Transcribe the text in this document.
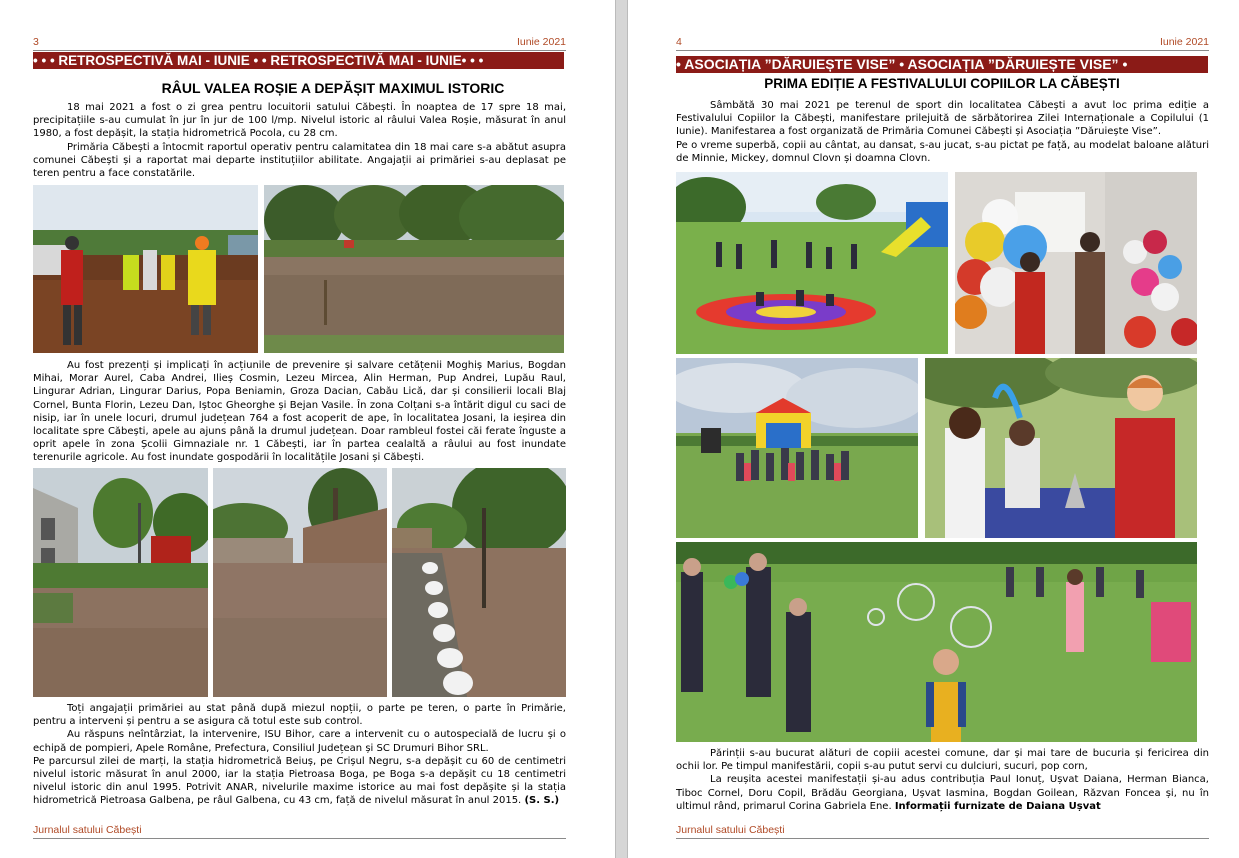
3	Iunie 2021
• • • RETROSPECTIVĂ MAI - IUNIE • • RETROSPECTIVĂ MAI - IUNIE• • •
RÂUL VALEA ROȘIE A DEPĂȘIT MAXIMUL ISTORIC

18 mai 2021 a fost o zi grea pentru locuitorii satului Căbești. În noaptea de 17 spre 18 mai, precipitațiile s-au cumulat în jur în jur de 100 l/mp. Nivelul istoric al râului Valea Roșie, măsurat în anul 1980, a fost depășit, la stația hidrometrică Pocola, cu 28 cm.

Primăria Căbești a întocmit raportul operativ pentru calamitatea din 18 mai care s-a abătut asupra comunei Căbești și a raportat mai departe instituțiilor abilitate. Angajații ai primăriei s-au deplasat pe teren pentru a face constatările.

Au fost prezenți și implicați în acțiunile de prevenire și salvare cetățenii Moghiș Marius, Bogdan Mihai, Morar Aurel, Caba Andrei, Ilieș Cosmin, Lezeu Mircea, Alin Herman, Pup Andrei, Lupău Raul, Lingurar Adrian, Lingurar Darius, Popa Beniamin, Groza Dacian, Cabău Lică, dar și consilierii locali Blaj Cornel, Bunta Florin, Lezeu Dan, Iștoc Gheorghe și Bejan Vasile. În zona Colțani s-a întărit digul cu saci de nisip, iar în unele locuri, drumul județean 764 a fost acoperit de ape, în localitatea Josani, la ieșirea din localitate spre Căbești, apele au ajuns până la drumul județean. Doar rambleul fostei căi ferate înguste a oprit apele în zona Școlii Gimnaziale nr. 1 Căbești, iar în partea cealaltă a râului au fost inundate terenurile agricole. Au fost inundate gospodării în localitățile Josani și Căbești.

Toți angajații primăriei au stat până după miezul nopții, o parte pe teren, o parte în Primărie, pentru a interveni și pentru a se asigura că totul este sub control.

Au răspuns neîntârziat, la intervenire, ISU Bihor, care a intervenit cu o autospecială de lucru și o echipă de pompieri, Apele Române, Prefectura, Consiliul Județean și SC Drumuri Bihor SRL.

Pe parcursul zilei de marți, la stația hidrometrică Beiuș, pe Crișul Negru, s-a depășit cu 60 de centimetri nivelul istoric măsurat în anul 2000, iar la stația Pietroasa Boga, pe Boga s-a depășit cu 18 centimetri nivelul istoric din anul 1995. Potrivit ANAR, nivelurile maxime istorice au mai fost depășite și la stația hidrometrică Pietroasa Galbena, pe râul Galbena, cu 43 cm, față de nivelul măsurat în anul 2015. (S. S.)

Jurnalul satului Căbești
4	Iunie 2021
• ASOCIAȚIA ”DĂRUIEȘTE VISE” • ASOCIAȚIA ”DĂRUIEȘTE VISE” •
PRIMA EDIȚIE A FESTIVALULUI COPIILOR LA CĂBEȘTI

Sâmbătă 30 mai 2021 pe terenul de sport din localitatea Căbești a avut loc prima ediție a Festivalului Copiilor la Căbești, manifestare prilejuită de sărbătorirea Zilei Internaționale a Copilului (1 Iunie). Manifestarea a fost organizată de Primăria Comunei Căbești și Asociația ”Dăruiește Vise”.

Pe o vreme superbă, copii au cântat, au dansat, s-au jucat, s-au pictat pe față, au modelat baloane alături de Minnie, Mickey, domnul Clovn și doamna Clovn.

Părinții s-au bucurat alături de copiii acestei comune, dar și mai tare de bucuria și fericirea din ochii lor. Pe timpul manifestării, copii s-au putut servi cu dulciuri, sucuri, pop corn,

La reușita acestei manifestații și-au adus contribuția Paul Ionuț, Ușvat Daiana, Herman Bianca, Tiboc Cornel, Doru Copil, Brădău Georgiana, Ușvat Iasmina, Bogdan Goilean, Răzvan Foncea și, nu în ultimul rând, primarul Corina Gabriela Ene. Informații furnizate de Daiana Ușvat

Jurnalul satului Căbești
